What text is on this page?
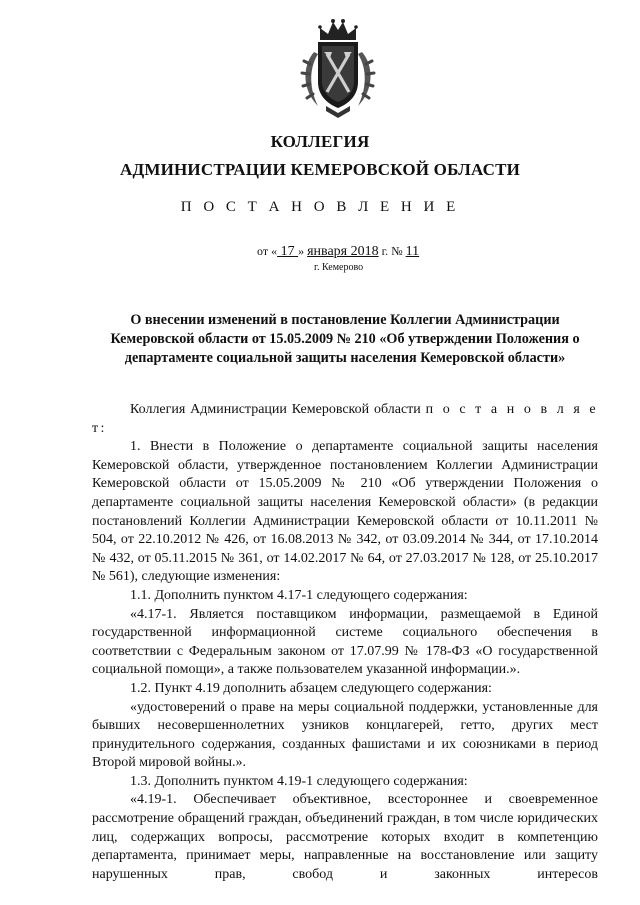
КОЛЛЕГИЯ
АДМИНИСТРАЦИИ КЕМЕРОВСКОЙ ОБЛАСТИ
П О С Т А Н О В Л Е Н И Е
от « 17 » января 2018 г. № 11
г. Кемерово
О внесении изменений в постановление Коллегии Администрации Кемеровской области от 15.05.2009 № 210 «Об утверждении Положения о департаменте социальной защиты населения Кемеровской области»

Коллегия Администрации Кемеровской области п о с т а н о в л я е т:

1. Внести в Положение о департаменте социальной защиты населения Кемеровской области, утвержденное постановлением Коллегии Администрации Кемеровской области от 15.05.2009 № 210 «Об утверждении Положения о департаменте социальной защиты населения Кемеровской области» (в редакции постановлений Коллегии Администрации Кемеровской области от 10.11.2011 № 504, от 22.10.2012 № 426, от 16.08.2013 № 342, от 03.09.2014 № 344, от 17.10.2014 № 432, от 05.11.2015 № 361, от 14.02.2017 № 64, от 27.03.2017 № 128, от 25.10.2017 № 561), следующие изменения:

1.1. Дополнить пунктом 4.17-1 следующего содержания:

«4.17-1. Является поставщиком информации, размещаемой в Единой государственной информационной системе социального обеспечения в соответствии с Федеральным законом от 17.07.99 № 178-ФЗ «О государственной социальной помощи», а также пользователем указанной информации.».

1.2. Пункт 4.19 дополнить абзацем следующего содержания:

«удостоверений о праве на меры социальной поддержки, установленные для бывших несовершеннолетних узников концлагерей, гетто, других мест принудительного содержания, созданных фашистами и их союзниками в период Второй мировой войны.».

1.3. Дополнить пунктом 4.19-1 следующего содержания:

«4.19-1. Обеспечивает объективное, всестороннее и своевременное рассмотрение обращений граждан, объединений граждан, в том числе юридических лиц, содержащих вопросы, рассмотрение которых входит в компетенцию департамента, принимает меры, направленные на восстановление или защиту нарушенных прав, свобод и законных интересов
